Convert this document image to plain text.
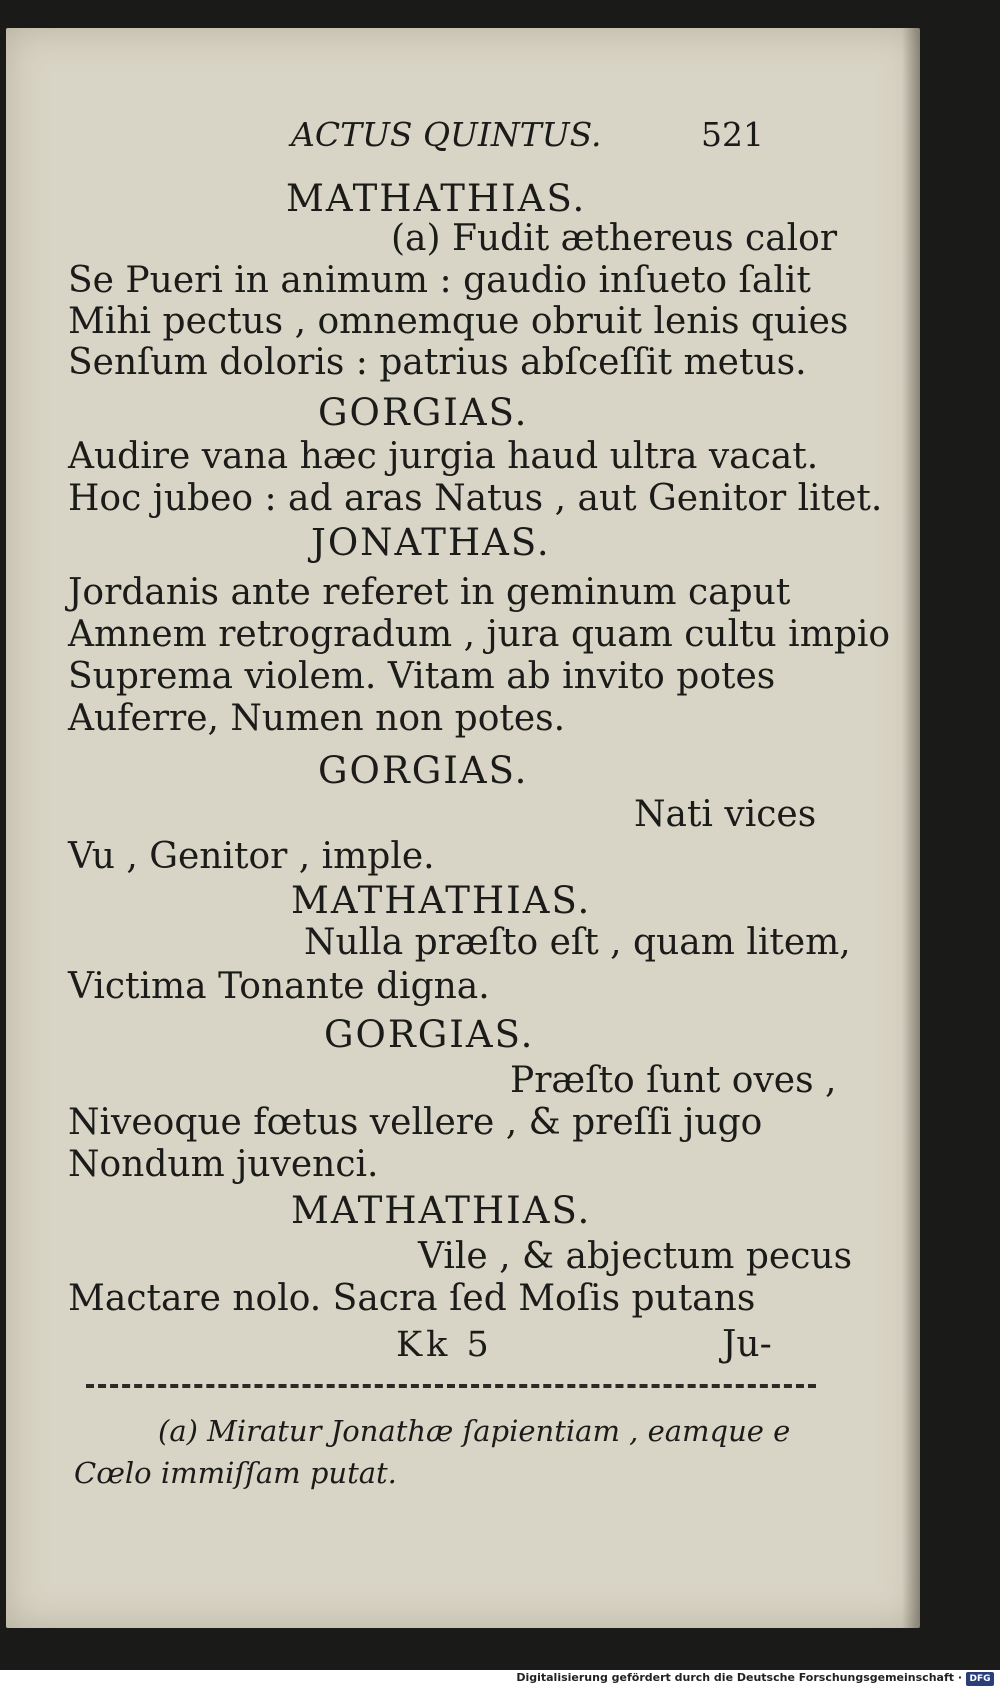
ACTUS QUINTUS.	521
MATHATHIAS.
(a) Fudit æthereus calor
Se Pueri in animum : gaudio inſueto ſalit
Mihi pectus , omnemque obruit lenis quies
Senſum doloris : patrius abſceſſit metus.
GORGIAS.
Audire vana hæc jurgia haud ultra vacat.
Hoc jubeo : ad aras Natus , aut Genitor litet.
JONATHAS.
Jordanis ante referet in geminum caput
Amnem retrogradum , jura quam cultu impio
Suprema violem. Vitam ab invito potes
Auferre, Numen non potes.
GORGIAS.
Nati vices
Vu , Genitor , imple.
MATHATHIAS.
Nulla præſto eſt , quam litem,
Victima Tonante digna.
GORGIAS.
Præſto ſunt oves ,
Niveoque fœtus vellere , & preſſi jugo
Nondum juvenci.
MATHATHIAS.
Vile , & abjectum pecus
Mactare nolo. Sacra ſed Moſis putans
Kk 5	Ju-
(a) Miratur Jonathæ ſapientiam , eamque e
Cœlo immiſſam putat.
Digitalisierung gefördert durch die Deutsche Forschungsgemeinschaft · DFG
